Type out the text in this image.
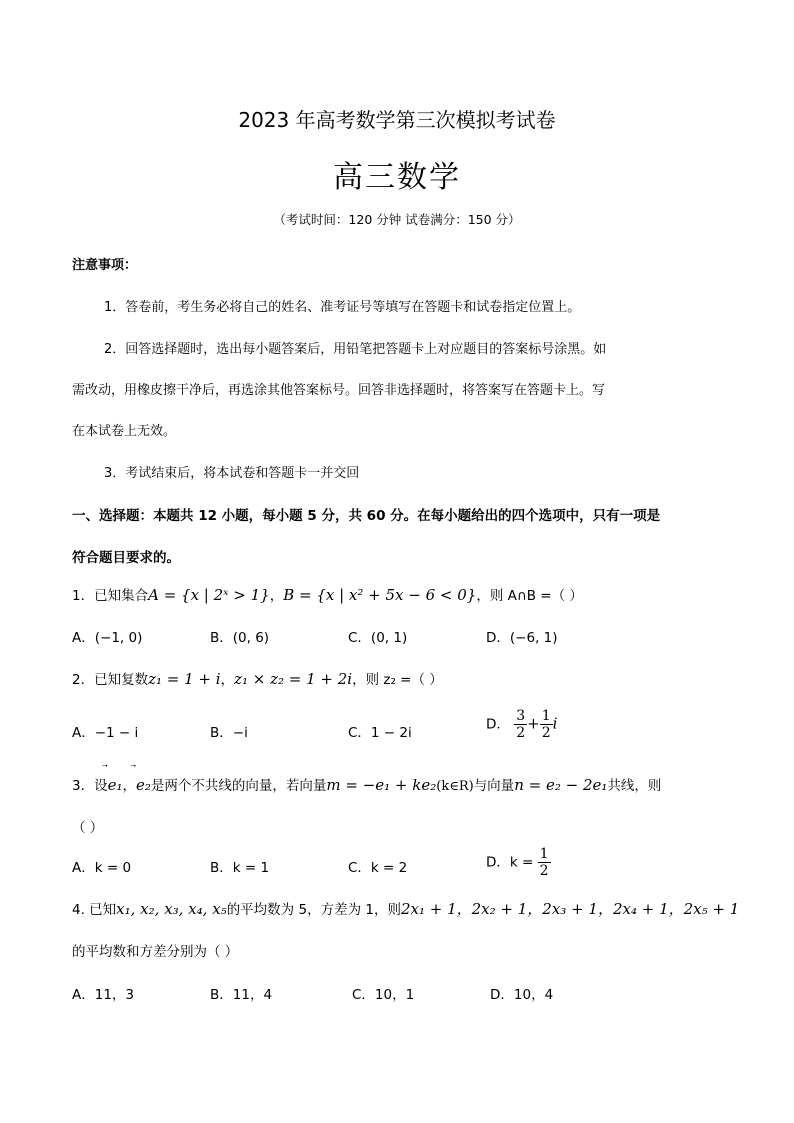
2023 年高考数学第三次模拟考试卷
高三数学
（考试时间：120 分钟 试卷满分：150 分）
注意事项：
1．答卷前，考生务必将自己的姓名、准考证号等填写在答题卡和试卷指定位置上。
2．回答选择题时，选出每小题答案后，用铅笔把答题卡上对应题目的答案标号涂黑。如
需改动，用橡皮擦干净后，再选涂其他答案标号。回答非选择题时，将答案写在答题卡上。写
在本试卷上无效。
3．考试结束后，将本试卷和答题卡一并交回
一、选择题：本题共 12 小题，每小题 5 分，共 60 分。在每小题给出的四个选项中，只有一项是
符合题目要求的。
1．已知集合A = {x | 2ˣ > 1}，B = {x | x² + 5x − 6 < 0}，则 A∩B =（ ）
A．(−1, 0)	B．(0, 6)	C．(0, 1)	D．(−6, 1)
2．已知复数z₁ = 1 + i，z₁ × z₂ = 1 + 2i，则 z₂ =（ ）
A．−1 − i	B．−i	C．1 − 2i
D． $\frac{3}{2} + \frac{1}{2}$ i
3．设⃗ e₁，⃗ e₂是两个不共线的向量，若向量m = −e₁ + ke₂(k∈R)与向量n = e₂ − 2e₁共线，则
（ ）
A．k = 0	B．k = 1	C．k = 2	D．$k = \frac{1}{2}$
4. 已知x₁, x₂, x₃, x₄, x₅的平均数为 5，方差为 1，则2x₁ + 1，2x₂ + 1，2x₃ + 1，2x₄ + 1，2x₅ + 1
的平均数和方差分别为（ ）
A．11，3	B．11，4	C．10，1	D．10，4
